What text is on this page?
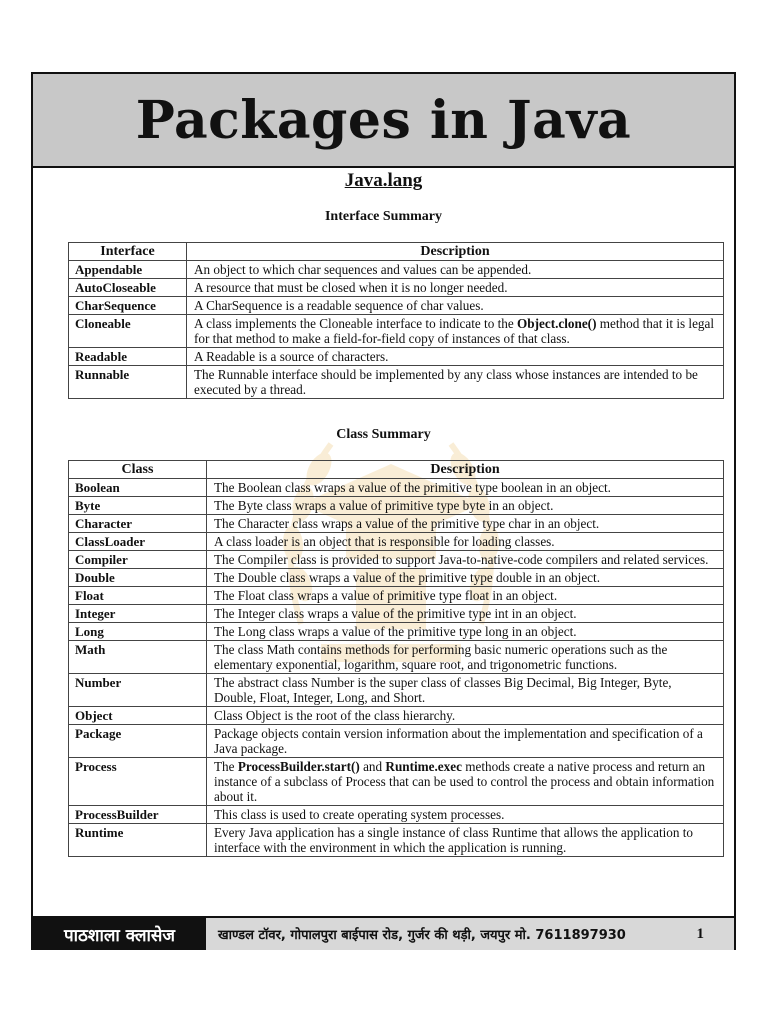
Packages in Java
Java.lang
Interface Summary
Interface	Description
Appendable	An object to which char sequences and values can be appended.
AutoCloseable	A resource that must be closed when it is no longer needed.
CharSequence	A CharSequence is a readable sequence of char values.
Cloneable	A class implements the Cloneable interface to indicate to the Object.clone() method that it is legal for that method to make a field-for-field copy of instances of that class.
Readable	A Readable is a source of characters.
Runnable	The Runnable interface should be implemented by any class whose instances are intended to be executed by a thread.
Class Summary
Class	Description
Boolean	The Boolean class wraps a value of the primitive type boolean in an object.
Byte	The Byte class wraps a value of primitive type byte in an object.
Character	The Character class wraps a value of the primitive type char in an object.
ClassLoader	A class loader is an object that is responsible for loading classes.
Compiler	The Compiler class is provided to support Java-to-native-code compilers and related services.
Double	The Double class wraps a value of the primitive type double in an object.
Float	The Float class wraps a value of primitive type float in an object.
Integer	The Integer class wraps a value of the primitive type int in an object.
Long	The Long class wraps a value of the primitive type long in an object.
Math	The class Math contains methods for performing basic numeric operations such as the elementary exponential, logarithm, square root, and trigonometric functions.
Number	The abstract class Number is the super class of classes Big Decimal, Big Integer, Byte, Double, Float, Integer, Long, and Short.
Object	Class Object is the root of the class hierarchy.
Package	Package objects contain version information about the implementation and specification of a Java package.
Process	The ProcessBuilder.start() and Runtime.exec methods create a native process and return an instance of a subclass of Process that can be used to control the process and obtain information about it.
ProcessBuilder	This class is used to create operating system processes.
Runtime	Every Java application has a single instance of class Runtime that allows the application to interface with the environment in which the application is running.
पाठशाला क्लासेज	खाण्डल टॉवर, गोपालपुरा बाईपास रोड, गुर्जर की थड़ी, जयपुर मो. 7611897930	1
